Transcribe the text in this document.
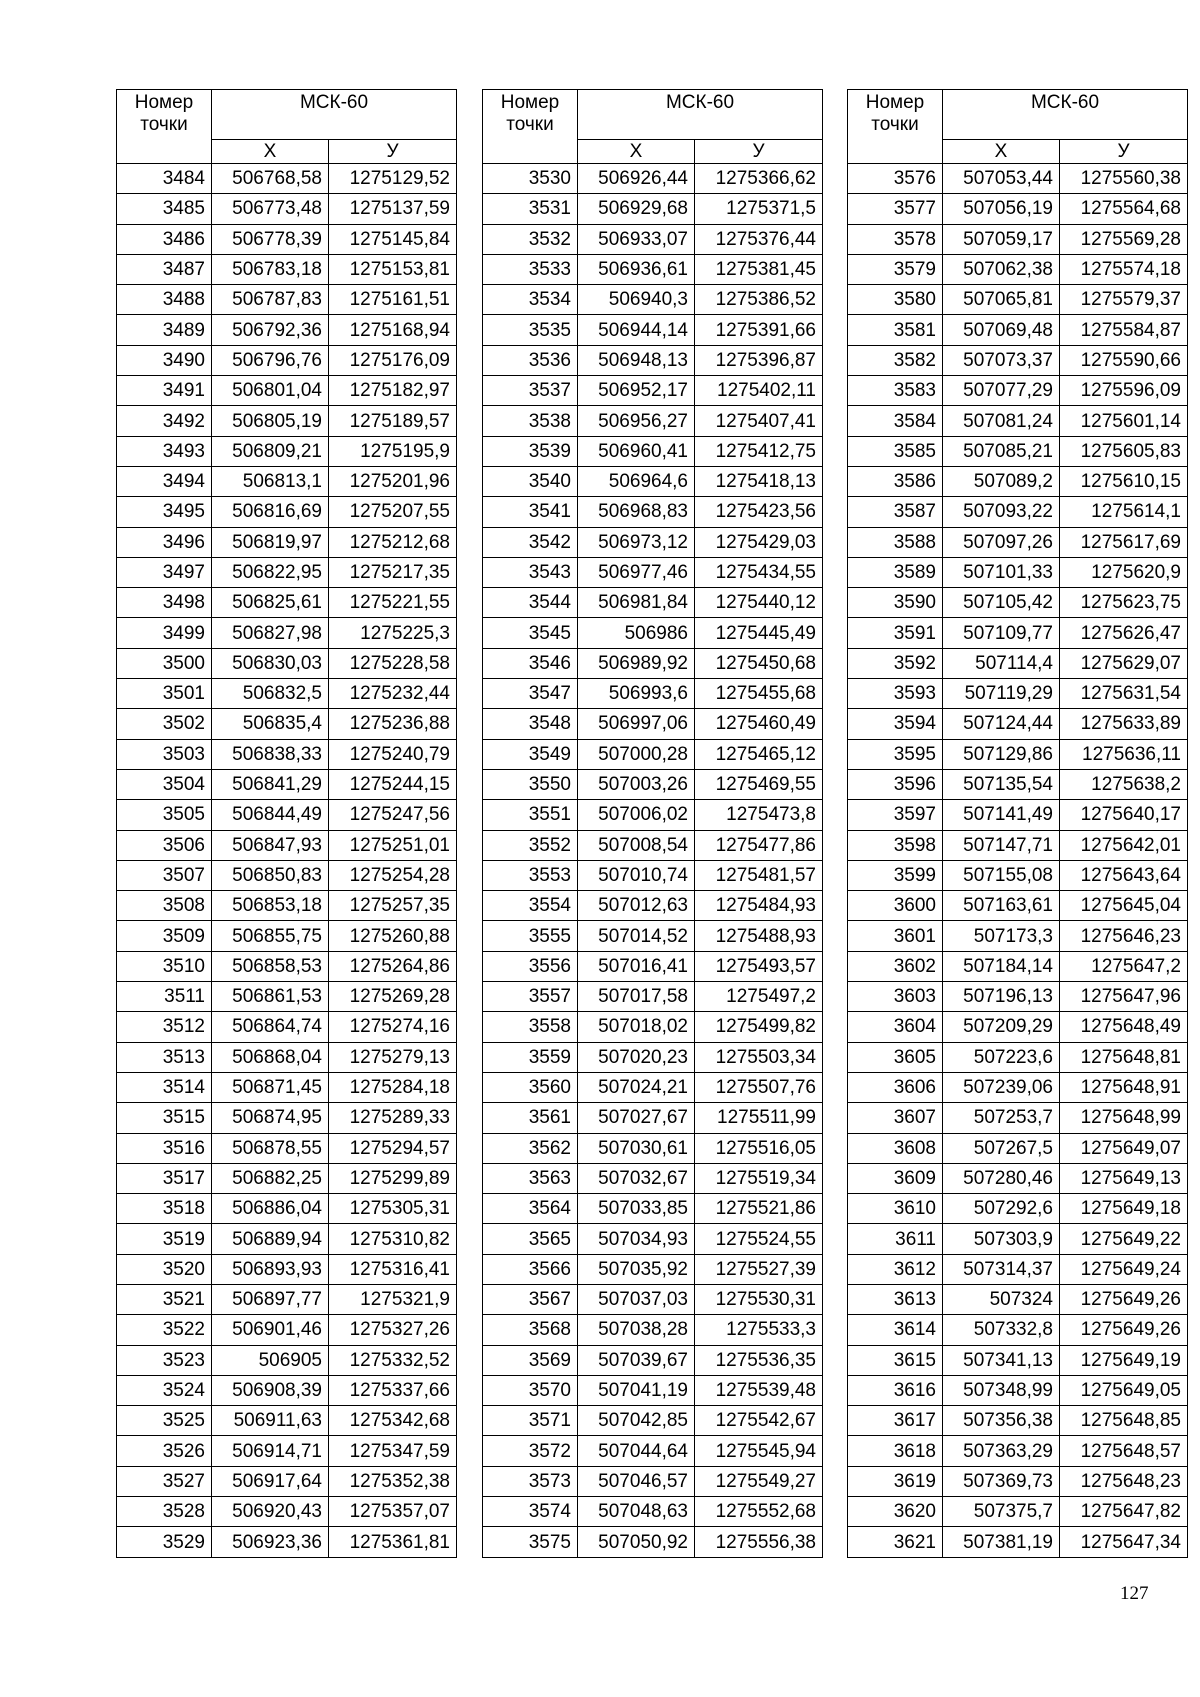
Номер точки	МСК-60	
	Х	У
3484	506768,58	1275129,52
3485	506773,48	1275137,59
3486	506778,39	1275145,84
3487	506783,18	1275153,81
3488	506787,83	1275161,51
3489	506792,36	1275168,94
3490	506796,76	1275176,09
3491	506801,04	1275182,97
3492	506805,19	1275189,57
3493	506809,21	1275195,9
3494	506813,1	1275201,96
3495	506816,69	1275207,55
3496	506819,97	1275212,68
3497	506822,95	1275217,35
3498	506825,61	1275221,55
3499	506827,98	1275225,3
3500	506830,03	1275228,58
3501	506832,5	1275232,44
3502	506835,4	1275236,88
3503	506838,33	1275240,79
3504	506841,29	1275244,15
3505	506844,49	1275247,56
3506	506847,93	1275251,01
3507	506850,83	1275254,28
3508	506853,18	1275257,35
3509	506855,75	1275260,88
3510	506858,53	1275264,86
3511	506861,53	1275269,28
3512	506864,74	1275274,16
3513	506868,04	1275279,13
3514	506871,45	1275284,18
3515	506874,95	1275289,33
3516	506878,55	1275294,57
3517	506882,25	1275299,89
3518	506886,04	1275305,31
3519	506889,94	1275310,82
3520	506893,93	1275316,41
3521	506897,77	1275321,9
3522	506901,46	1275327,26
3523	506905	1275332,52
3524	506908,39	1275337,66
3525	506911,63	1275342,68
3526	506914,71	1275347,59
3527	506917,64	1275352,38
3528	506920,43	1275357,07
3529	506923,36	1275361,81
Номер точки	МСК-60	
	Х	У
3530	506926,44	1275366,62
3531	506929,68	1275371,5
3532	506933,07	1275376,44
3533	506936,61	1275381,45
3534	506940,3	1275386,52
3535	506944,14	1275391,66
3536	506948,13	1275396,87
3537	506952,17	1275402,11
3538	506956,27	1275407,41
3539	506960,41	1275412,75
3540	506964,6	1275418,13
3541	506968,83	1275423,56
3542	506973,12	1275429,03
3543	506977,46	1275434,55
3544	506981,84	1275440,12
3545	506986	1275445,49
3546	506989,92	1275450,68
3547	506993,6	1275455,68
3548	506997,06	1275460,49
3549	507000,28	1275465,12
3550	507003,26	1275469,55
3551	507006,02	1275473,8
3552	507008,54	1275477,86
3553	507010,74	1275481,57
3554	507012,63	1275484,93
3555	507014,52	1275488,93
3556	507016,41	1275493,57
3557	507017,58	1275497,2
3558	507018,02	1275499,82
3559	507020,23	1275503,34
3560	507024,21	1275507,76
3561	507027,67	1275511,99
3562	507030,61	1275516,05
3563	507032,67	1275519,34
3564	507033,85	1275521,86
3565	507034,93	1275524,55
3566	507035,92	1275527,39
3567	507037,03	1275530,31
3568	507038,28	1275533,3
3569	507039,67	1275536,35
3570	507041,19	1275539,48
3571	507042,85	1275542,67
3572	507044,64	1275545,94
3573	507046,57	1275549,27
3574	507048,63	1275552,68
3575	507050,92	1275556,38
Номер точки	МСК-60	
	Х	У
3576	507053,44	1275560,38
3577	507056,19	1275564,68
3578	507059,17	1275569,28
3579	507062,38	1275574,18
3580	507065,81	1275579,37
3581	507069,48	1275584,87
3582	507073,37	1275590,66
3583	507077,29	1275596,09
3584	507081,24	1275601,14
3585	507085,21	1275605,83
3586	507089,2	1275610,15
3587	507093,22	1275614,1
3588	507097,26	1275617,69
3589	507101,33	1275620,9
3590	507105,42	1275623,75
3591	507109,77	1275626,47
3592	507114,4	1275629,07
3593	507119,29	1275631,54
3594	507124,44	1275633,89
3595	507129,86	1275636,11
3596	507135,54	1275638,2
3597	507141,49	1275640,17
3598	507147,71	1275642,01
3599	507155,08	1275643,64
3600	507163,61	1275645,04
3601	507173,3	1275646,23
3602	507184,14	1275647,2
3603	507196,13	1275647,96
3604	507209,29	1275648,49
3605	507223,6	1275648,81
3606	507239,06	1275648,91
3607	507253,7	1275648,99
3608	507267,5	1275649,07
3609	507280,46	1275649,13
3610	507292,6	1275649,18
3611	507303,9	1275649,22
3612	507314,37	1275649,24
3613	507324	1275649,26
3614	507332,8	1275649,26
3615	507341,13	1275649,19
3616	507348,99	1275649,05
3617	507356,38	1275648,85
3618	507363,29	1275648,57
3619	507369,73	1275648,23
3620	507375,7	1275647,82
3621	507381,19	1275647,34
127
